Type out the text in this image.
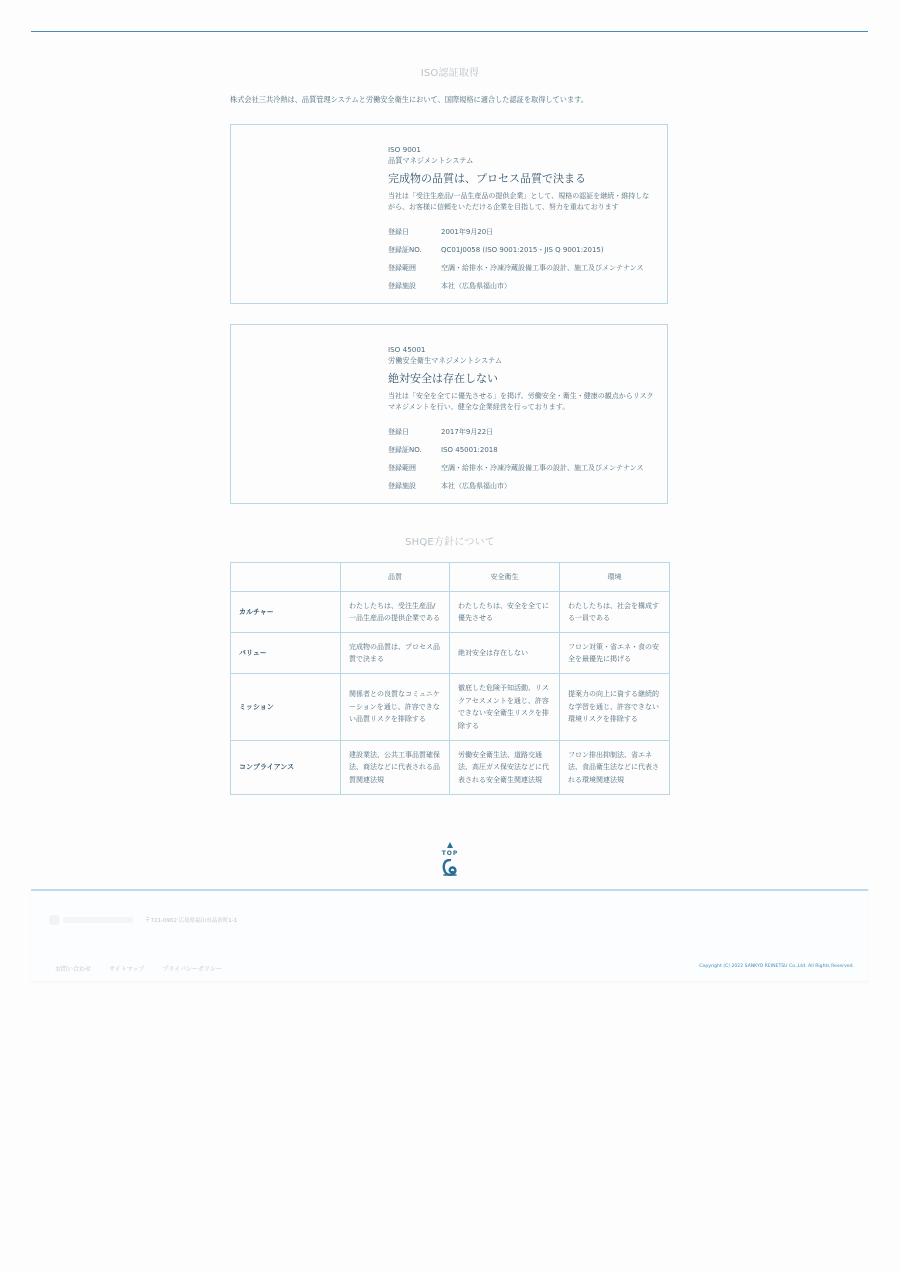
ISO認証取得
株式会社三共冷熱は、品質管理システムと労働安全衛生において、国際規格に適合した認証を取得しています。
ISO 9001
品質マネジメントシステム
完成物の品質は、プロセス品質で決まる
当社は「受注生産品/一品生産品の提供企業」として、規格の認証を継続・維持しながら、お客様に信頼をいただける企業を目指して、努力を重ねております
登録日	2001年9月20日
登録証NO.	QC01J0058 (ISO 9001:2015・JIS Q 9001:2015)
登録範囲	空調・給排水・冷凍冷蔵設備工事の設計、施工及びメンテナンス
登録施設	本社（広島県福山市）
ISO 45001
労働安全衛生マネジメントシステム
絶対安全は存在しない
当社は「安全を全てに優先させる」を掲げ、労働安全・衛生・健康の観点からリスクマネジメントを行い、健全な企業経営を行っております。
登録日	2017年9月22日
登録証NO.	ISO 45001:2018
登録範囲	空調・給排水・冷凍冷蔵設備工事の設計、施工及びメンテナンス
登録施設	本社（広島県福山市）
SHQE方針について
	品質	安全衛生	環境
カルチャー	わたしたちは、受注生産品/一品生産品の提供企業である	わたしたちは、安全を全てに優先させる	わたしたちは、社会を構成する一員である
バリュー	完成物の品質は、プロセス品質で決まる	絶対安全は存在しない	フロン対策・省エネ・食の安全を最優先に掲げる
ミッション	関係者との良質なコミュニケーションを通じ、許容できない品質リスクを排除する	徹底した危険予知活動、リスクアセスメントを通じ、許容できない安全衛生リスクを排除する	提案力の向上に資する継続的な学習を通じ、許容できない環境リスクを排除する
コンプライアンス	建設業法、公共工事品質確保法、商法などに代表される品質関連法規	労働安全衛生法、道路交通法、高圧ガス保安法などに代表される安全衛生関連法規	フロン排出抑制法、省エネ法、食品衛生法などに代表される環境関連法規
TOP
〒721-0902 広島県福山市品治町1-1
お問い合わせ	サイトマップ	プライバシーポリシー	Copyright (C) 2022 SANKYO REINETSU Co.,Ltd. All Rights Reserved.
